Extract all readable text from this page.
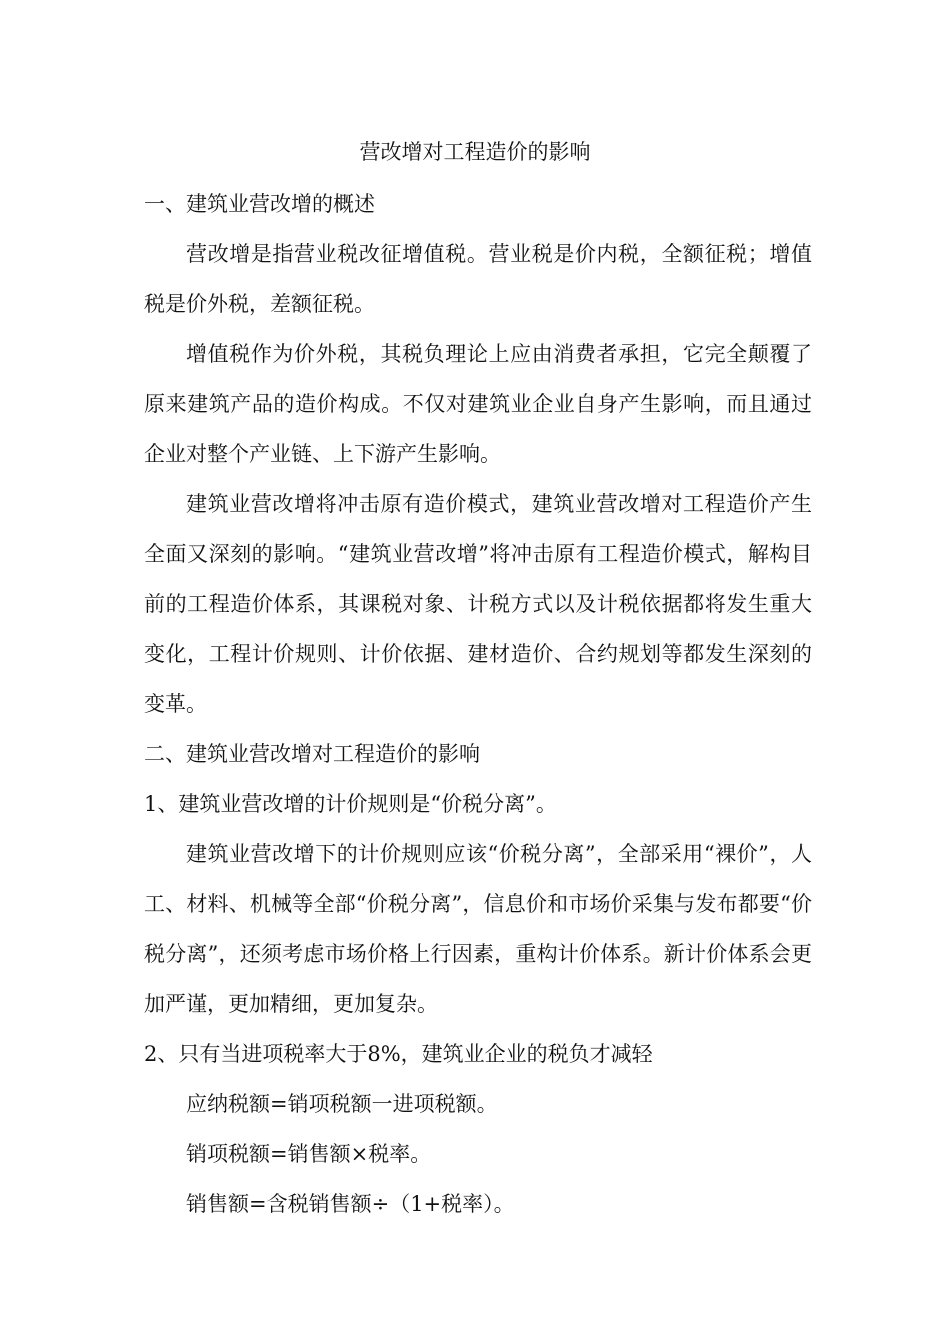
营改增对工程造价的影响

一、建筑业营改增的概述

营改增是指营业税改征增值税。营业税是价内税，全额征税；增值税是价外税，差额征税。

增值税作为价外税，其税负理论上应由消费者承担，它完全颠覆了原来建筑产品的造价构成。不仅对建筑业企业自身产生影响，而且通过企业对整个产业链、上下游产生影响。

建筑业营改增将冲击原有造价模式，建筑业营改增对工程造价产生全面又深刻的影响。“建筑业营改增”将冲击原有工程造价模式，解构目前的工程造价体系，其课税对象、计税方式以及计税依据都将发生重大变化，工程计价规则、计价依据、建材造价、合约规划等都发生深刻的变革。

二、建筑业营改增对工程造价的影响

1、建筑业营改增的计价规则是“价税分离”。

建筑业营改增下的计价规则应该“价税分离”，全部采用“裸价”，人工、材料、机械等全部“价税分离”，信息价和市场价采集与发布都要“价税分离”，还须考虑市场价格上行因素，重构计价体系。新计价体系会更加严谨，更加精细，更加复杂。

2、只有当进项税率大于8%，建筑业企业的税负才减轻

应纳税额=销项税额一进项税额。

销项税额=销售额×税率。

销售额=含税销售额÷（1+税率）。
